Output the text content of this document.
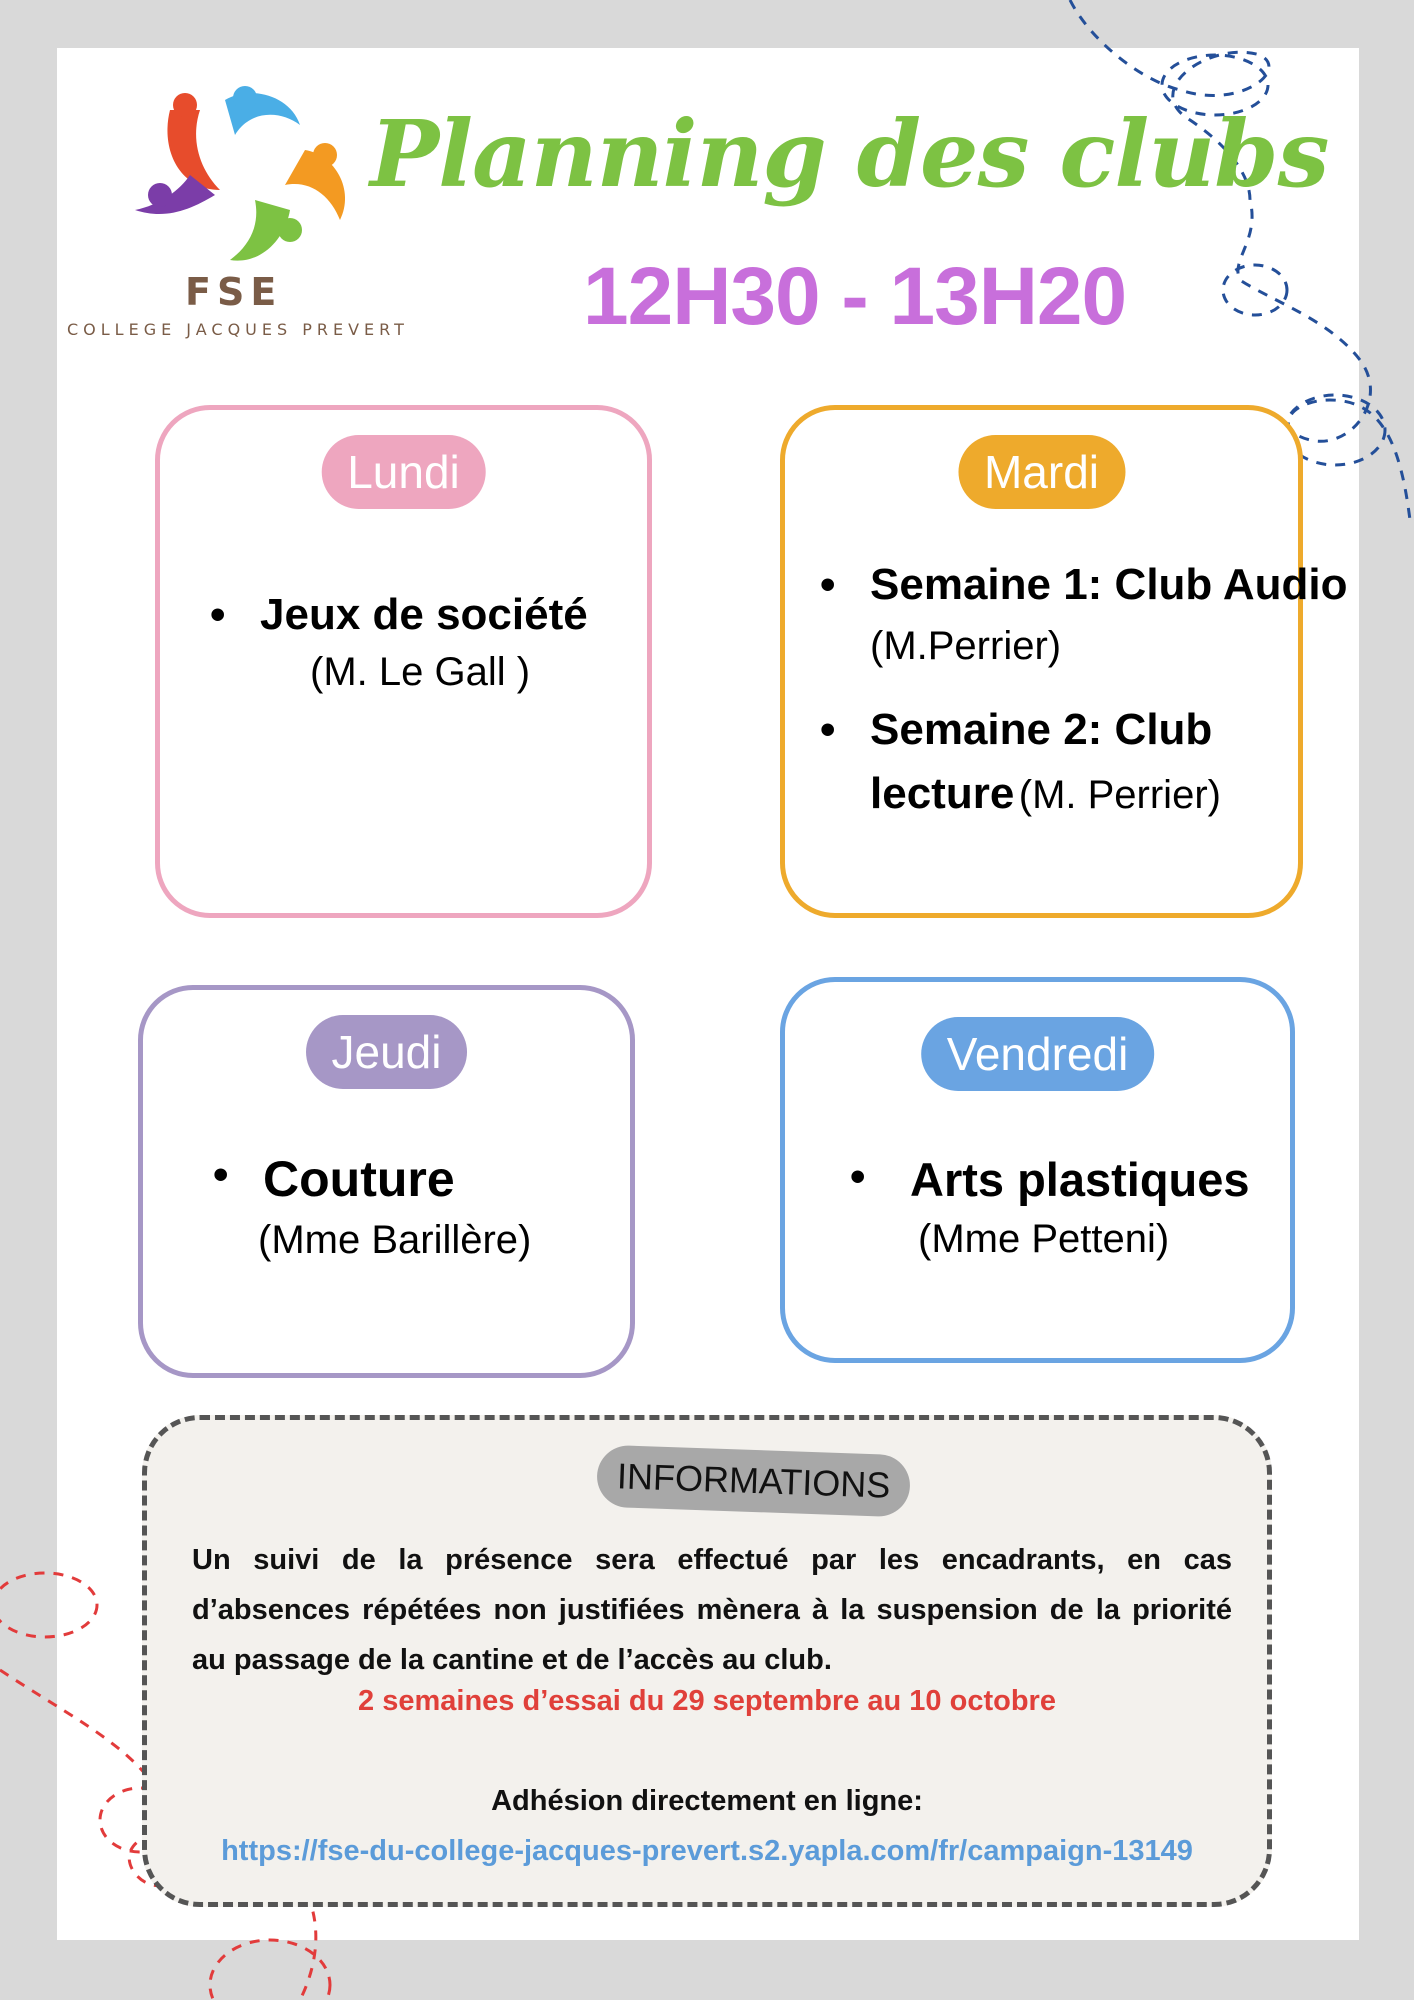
FSE
COLLEGE JACQUES PREVERT
Planning des clubs
12H30 - 13H20
Lundi
• Jeux de société
(M. Le Gall )
Mardi
• Semaine 1: Club Audio
(M.Perrier)
• Semaine 2: Club
lecture (M. Perrier)
Jeudi
• Couture
(Mme Barillère)
Vendredi
• Arts plastiques
(Mme Petteni)
INFORMATIONS
Un suivi de la présence sera effectué par les encadrants, en cas d’absences répétées non justifiées mènera à la suspension de la priorité au passage de la cantine et de l’accès au club.
2 semaines d’essai du 29 septembre au 10 octobre
Adhésion directement en ligne:
https://fse-du-college-jacques-prevert.s2.yapla.com/fr/campaign-13149
